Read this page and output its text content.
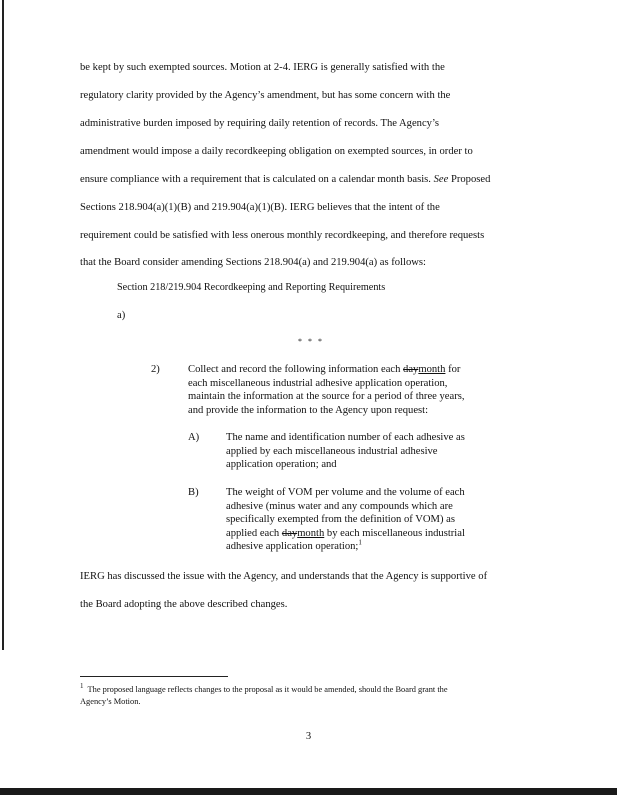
be kept by such exempted sources. Motion at 2-4. IERG is generally satisfied with the
regulatory clarity provided by the Agency’s amendment, but has some concern with the
administrative burden imposed by requiring daily retention of records. The Agency’s
amendment would impose a daily recordkeeping obligation on exempted sources, in order to
ensure compliance with a requirement that is calculated on a calendar month basis. See Proposed
Sections 218.904(a)(1)(B) and 219.904(a)(1)(B). IERG believes that the intent of the
requirement could be satisfied with less onerous monthly recordkeeping, and therefore requests
that the Board consider amending Sections 218.904(a) and 219.904(a) as follows:
Section 218/219.904 Recordkeeping and Reporting Requirements
a)
* * *
2)	Collect and record the following information each daymonth for
each miscellaneous industrial adhesive application operation,
maintain the information at the source for a period of three years,
and provide the information to the Agency upon request:
A)	The name and identification number of each adhesive as
applied by each miscellaneous industrial adhesive
application operation; and
B)	The weight of VOM per volume and the volume of each
adhesive (minus water and any compounds which are
specifically exempted from the definition of VOM) as
applied each daymonth by each miscellaneous industrial
adhesive application operation;$^1$
IERG has discussed the issue with the Agency, and understands that the Agency is supportive of
the Board adopting the above described changes.
$^1$ The proposed language reflects changes to the proposal as it would be amended, should the Board grant the
Agency’s Motion.
3
